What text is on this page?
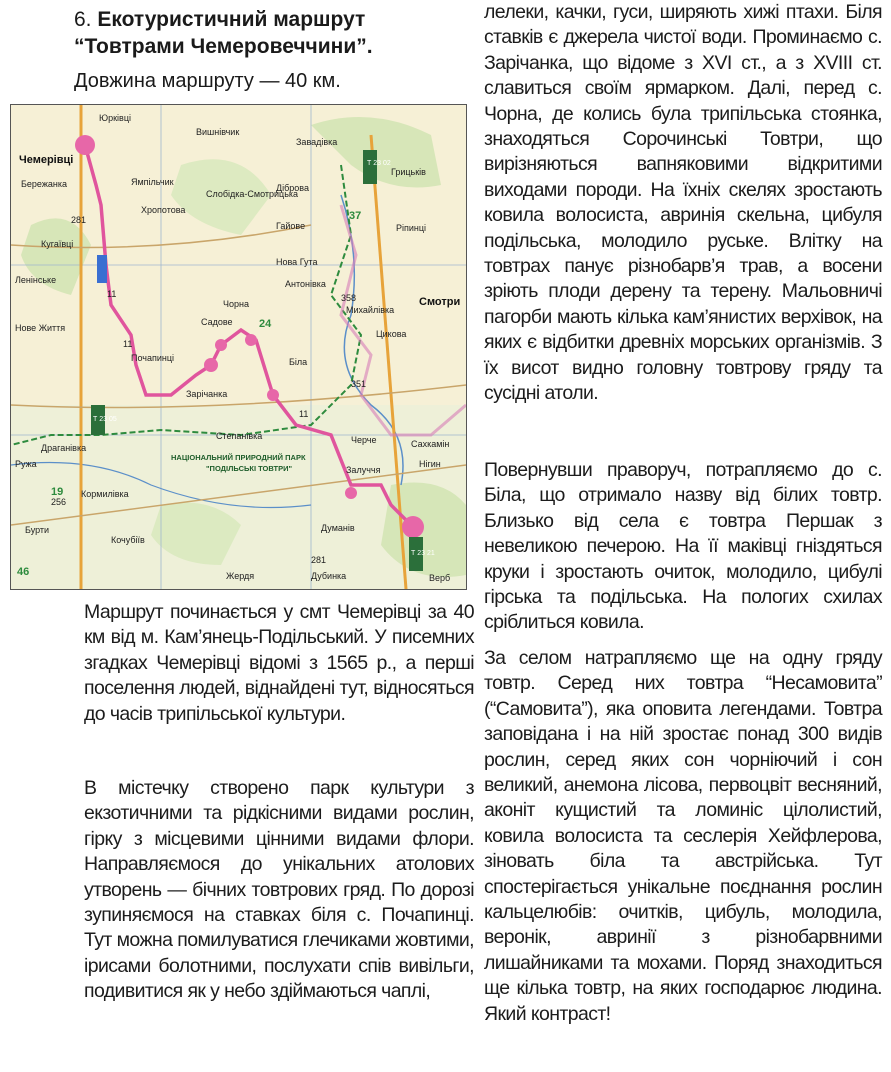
6. Екотуристичний маршрут “Товтрами Чемеровеччини”.
Довжина маршруту — 40 км.
Чемерівці
Юрківці
Вишнівчик
Завадівка
Бережанка	Ямпільчик
Слобідка-Смотрицька
Діброва
Грицьків
Хропотова
Гайове	Ріпинці
Кугаївці
Нова Гута
Ленінське
Чорна
Антонівка
Михайлівка
Смотри
Нове Життя
Садове
Цикова
Почапинці	Біла
Зарічанка
Драганівка
Степанівка	Черче	Сахкамін
НАЦІОНАЛЬНИЙ ПРИРОДНИЙ ПАРК
"ПОДІЛЬСЬКІ ТОВТРИ"
Ружа
Кормилівка
Залуччя
Нігин
Бурти
Кочубіїв
Думанів
Жердя	Дубинка	Верб
Т 23 02
Т 23 05
Т 23 21
37
24
19
46
11
11
11
281
281
358
351
256

Маршрут починається у смт Чемерівці за 40 км від м. Кам’янець-Подільський. У писемних згадках Чемерівці відомі з 1565 р., а перші поселення людей, віднайдені тут, відносяться до часів трипільської культури.

В містечку створено парк культури з екзотичними та рідкісними видами рослин, гірку з місцевими цінними видами флори. Направляємося до унікальних атолових утворень — бічних товтрових гряд. По дорозі зупиняємося на ставках біля с. Почапинці. Тут можна помилуватися глечиками жовтими, ірисами болотними, послухати спів вивільги, подивитися як у небо здіймаються чаплі,

лелеки, качки, гуси, ширяють хижі птахи. Біля ставків є джерела чистої води. Проминаємо с. Зарічанка, що відоме з XVI ст., а з XVIII ст. славиться своїм ярмарком. Далі, перед с. Чорна, де колись була трипільська стоянка, знаходяться Сорочинські Товтри, що вирізняються вапняковими відкритими виходами породи. На їхніх скелях зростають ковила волосиста, авринія скельна, цибуля подільська, молодило руське. Влітку на товтрах панує різнобарв’я трав, а восени зріють плоди дерену та терену. Мальовничі пагорби мають кілька кам’янистих верхівок, на яких є відбитки древніх морських організмів. З їх висот видно головну товтрову гряду та сусідні атоли.

Повернувши праворуч, потрапляємо до с. Біла, що отримало назву від білих товтр. Близько від села є товтра Першак з невеликою печерою. На її маківці гніздяться круки і зростають очиток, молодило, цибулі гірська та подільська. На пологих схилах сріблиться ковила.

За селом натрапляємо ще на одну гряду товтр. Серед них товтра “Несамовита” (“Самовита”), яка оповита легендами. Товтра заповідана і на ній зростає понад 300 видів рослин, серед яких сон чорніючий і сон великий, анемона лісова, первоцвіт весняний, аконіт кущистий та ломиніс цілолистий, ковила волосиста та сеслерія Хейфлерова, зіновать біла та австрійська. Тут спостерігається унікальне поєднання рослин кальцелюбів: очитків, цибуль, молодила, веронік, авринії з різнобарвними лишайниками та мохами. Поряд знаходиться ще кілька товтр, на яких господарює людина. Який контраст!
